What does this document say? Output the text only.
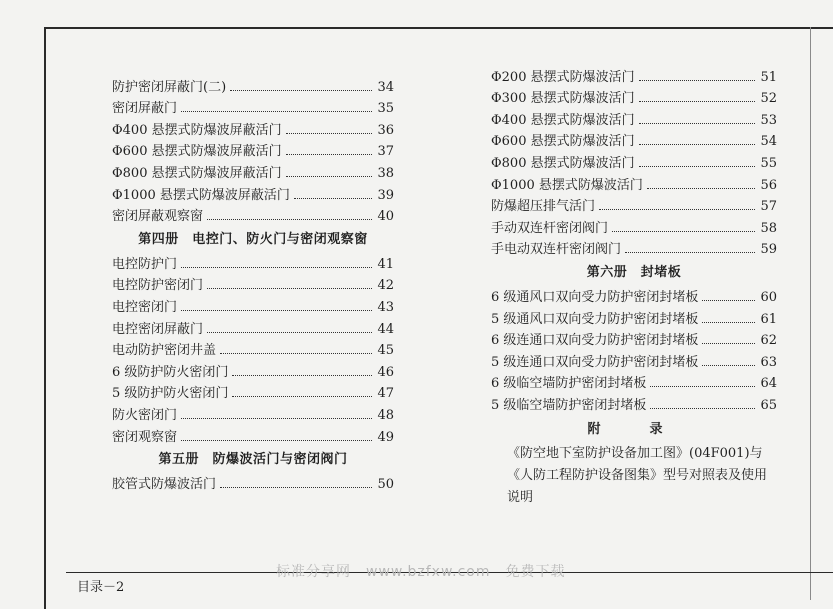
防护密闭屏蔽门(二)	34
密闭屏蔽门	35
Φ400 悬摆式防爆波屏蔽活门	36
Φ600 悬摆式防爆波屏蔽活门	37
Φ800 悬摆式防爆波屏蔽活门	38
Φ1000 悬摆式防爆波屏蔽活门	39
密闭屏蔽观察窗	40
第四册　电控门、防火门与密闭观察窗
电控防护门	41
电控防护密闭门	42
电控密闭门	43
电控密闭屏蔽门	44
电动防护密闭井盖	45
6 级防护防火密闭门	46
5 级防护防火密闭门	47
防火密闭门	48
密闭观察窗	49
第五册　防爆波活门与密闭阀门
胶管式防爆波活门	50
Φ200 悬摆式防爆波活门	51
Φ300 悬摆式防爆波活门	52
Φ400 悬摆式防爆波活门	53
Φ600 悬摆式防爆波活门	54
Φ800 悬摆式防爆波活门	55
Φ1000 悬摆式防爆波活门	56
防爆超压排气活门	57
手动双连杆密闭阀门	58
手电动双连杆密闭阀门	59
第六册　封堵板
6 级通风口双向受力防护密闭封堵板	60
5 级通风口双向受力防护密闭封堵板	61
6 级连通口双向受力防护密闭封堵板	62
5 级连通口双向受力防护密闭封堵板	63
6 级临空墙防护密闭封堵板	64
5 级临空墙防护密闭封堵板	65
附　录
《防空地下室防护设备加工图》(04F001)与《人防工程防护设备图集》型号对照表及使用说明
目录－2
标准分享网　www.bzfxw.com　免费下载
